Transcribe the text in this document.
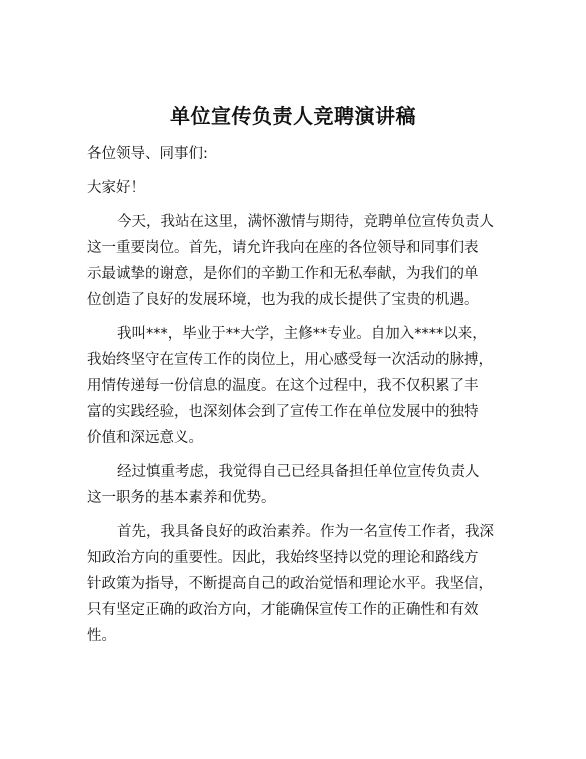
单位宣传负责人竞聘演讲稿
各位领导、同事们:
大家好！
今天，我站在这里，满怀激情与期待，竞聘单位宣传负责人
这一重要岗位。首先，请允许我向在座的各位领导和同事们表
示最诚挚的谢意，是你们的辛勤工作和无私奉献，为我们的单
位创造了良好的发展环境，也为我的成长提供了宝贵的机遇。
我叫***，毕业于**大学，主修**专业。自加入****以来，
我始终坚守在宣传工作的岗位上，用心感受每一次活动的脉搏，
用情传递每一份信息的温度。在这个过程中，我不仅积累了丰
富的实践经验，也深刻体会到了宣传工作在单位发展中的独特
价值和深远意义。
经过慎重考虑，我觉得自己已经具备担任单位宣传负责人
这一职务的基本素养和优势。
首先，我具备良好的政治素养。作为一名宣传工作者，我深
知政治方向的重要性。因此，我始终坚持以党的理论和路线方
针政策为指导，不断提高自己的政治觉悟和理论水平。我坚信，
只有坚定正确的政治方向，才能确保宣传工作的正确性和有效
性。
